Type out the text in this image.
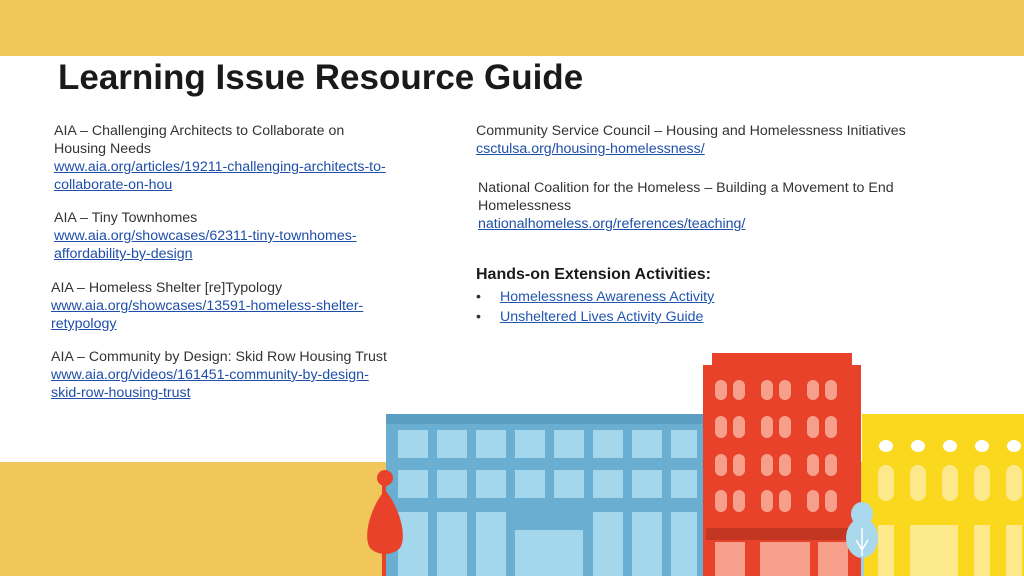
Learning Issue Resource Guide
AIA – Challenging Architects to Collaborate on Housing Needs
www.aia.org/articles/19211-challenging-architects-to-collaborate-on-hou
AIA – Tiny Townhomes
www.aia.org/showcases/62311-tiny-townhomes-affordability-by-design
AIA – Homeless Shelter [re]Typology
www.aia.org/showcases/13591-homeless-shelter-retypology
AIA – Community by Design: Skid Row Housing Trust
www.aia.org/videos/161451-community-by-design-skid-row-housing-trust
Community Service Council – Housing and Homelessness Initiatives
csctulsa.org/housing-homelessness/
National Coalition for the Homeless – Building a Movement to End Homelessness
nationalhomeless.org/references/teaching/
Hands-on Extension Activities:
• Homelessness Awareness Activity
• Unsheltered Lives Activity Guide
